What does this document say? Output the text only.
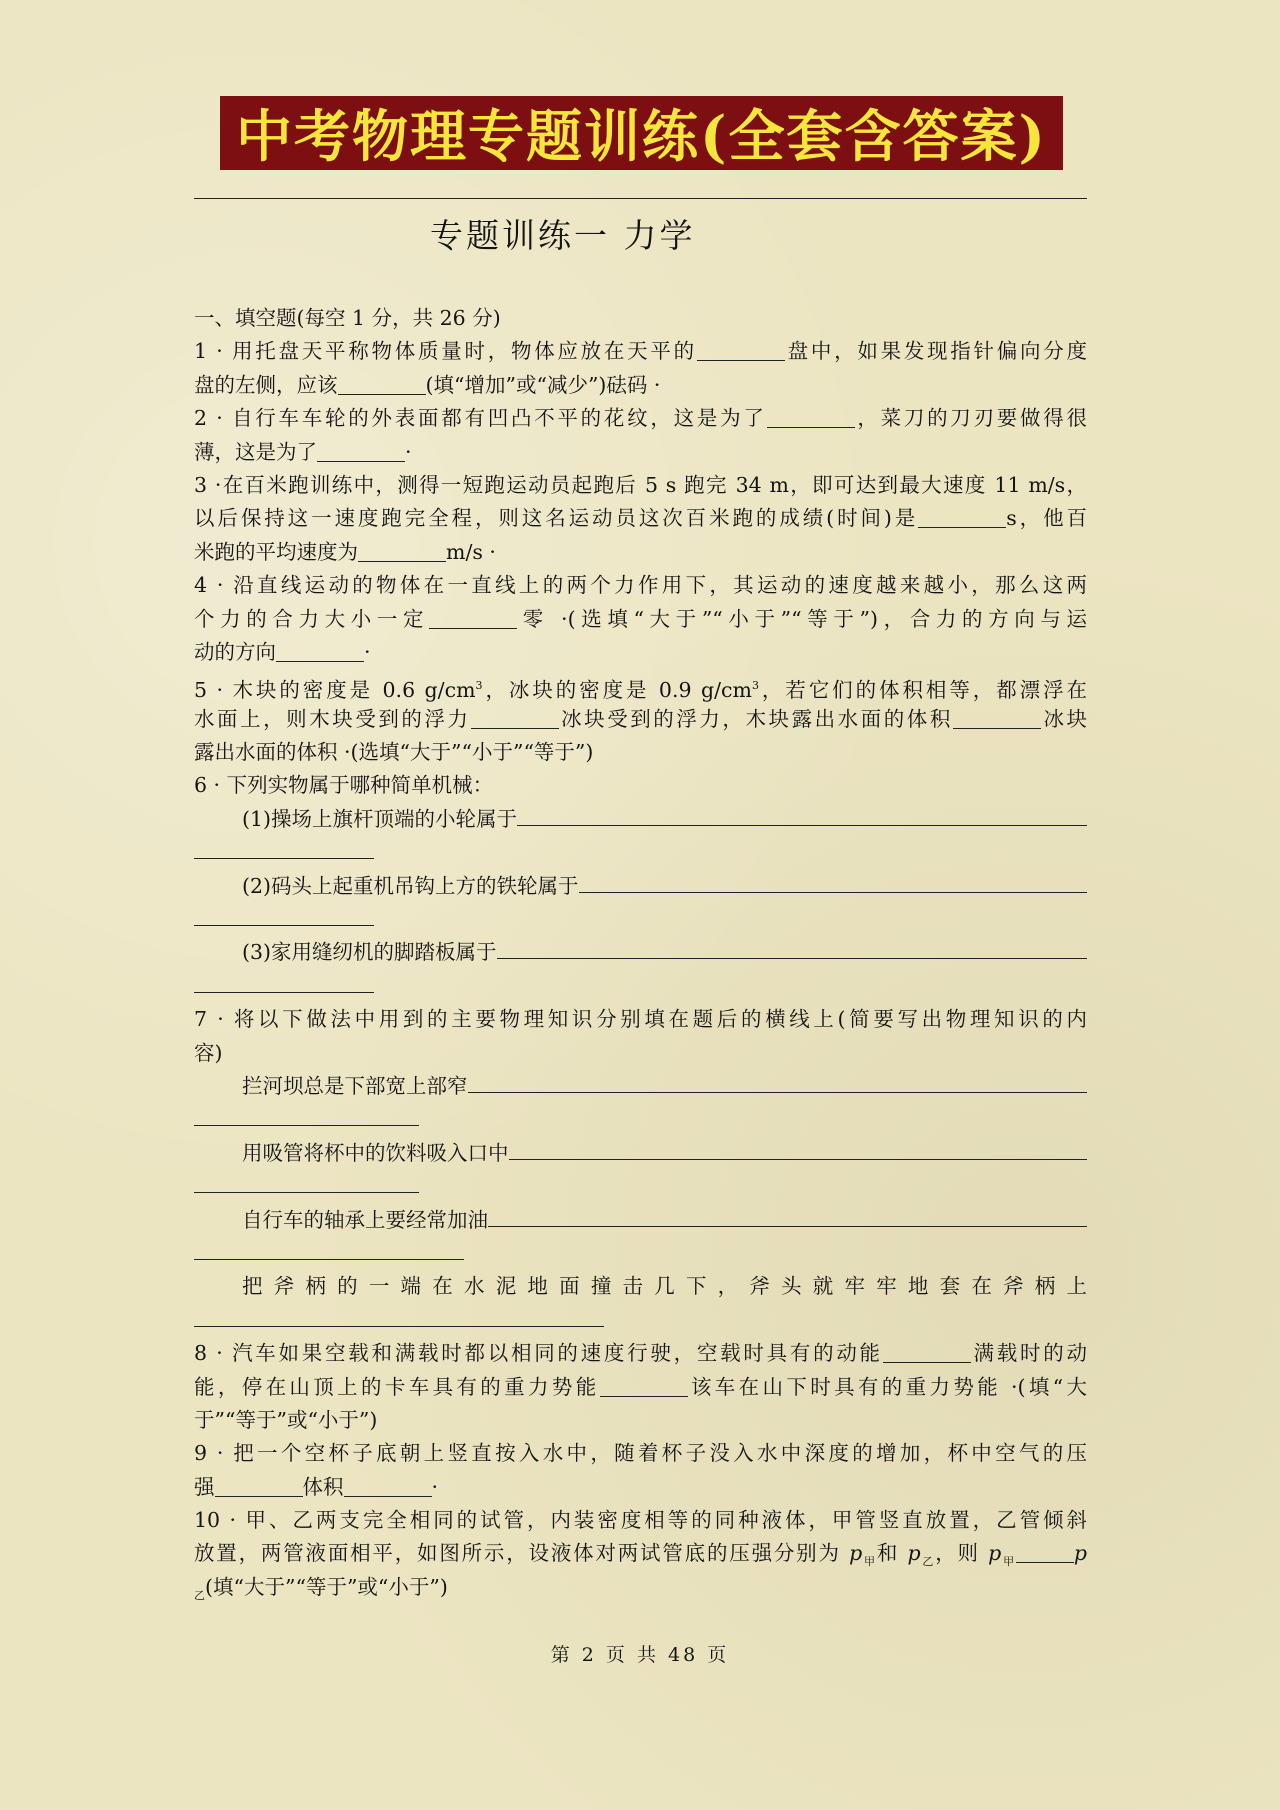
中考物理专题训练(全套含答案)
专题训练一 力学
一、填空题(每空 1 分，共 26 分)
1 · 用托盘天平称物体质量时，物体应放在天平的	盘中，如果发现指针偏向分度
盘的左侧，应该	(填“增加”或“减少”)砝码 ·
2 · 自行车车轮的外表面都有凹凸不平的花纹，这是为了	，菜刀的刀刃要做得很
薄，这是为了	·
3 ·在百米跑训练中，测得一短跑运动员起跑后 5 s 跑完 34 m，即可达到最大速度 11 m/s，
以后保持这一速度跑完全程，则这名运动员这次百米跑的成绩(时间)是	s，他百
米跑的平均速度为	m/s ·
4 · 沿直线运动的物体在一直线上的两个力作用下，其运动的速度越来越小，那么这两
个力的合力大小一定	零 ·(选填“大于”“小于”“等于”)，合力的方向与运
动的方向	·
5 · 木块的密度是 0.6 $g/cm^3$，冰块的密度是 0.9 $g/cm^3$，若它们的体积相等，都漂浮在
水面上，则木块受到的浮力	冰块受到的浮力，木块露出水面的体积	冰块
露出水面的体积 ·(选填“大于”“小于”“等于”)
6 · 下列实物属于哪种简单机械：
(1)操场上旗杆顶端的小轮属于
(2)码头上起重机吊钩上方的铁轮属于
(3)家用缝纫机的脚踏板属于
7 · 将以下做法中用到的主要物理知识分别填在题后的横线上(简要写出物理知识的内
容)
拦河坝总是下部宽上部窄
用吸管将杯中的饮料吸入口中
自行车的轴承上要经常加油
把 斧 柄 的 一 端 在 水 泥 地 面 撞 击 几 下 ， 斧 头 就 牢 牢 地 套 在 斧 柄 上
8 · 汽车如果空载和满载时都以相同的速度行驶，空载时具有的动能	满载时的动
能，停在山顶上的卡车具有的重力势能	该车在山下时具有的重力势能 ·(填“大
于”“等于”或“小于”)
9 · 把一个空杯子底朝上竖直按入水中，随着杯子没入水中深度的增加，杯中空气的压
强	体积	·
10 · 甲、乙两支完全相同的试管，内装密度相等的同种液体，甲管竖直放置，乙管倾斜
放置，两管液面相平，如图所示，设液体对两试管底的压强分别为 $p_甲$和 $p_乙$，则 $p_甲$	p
$_乙$(填“大于”“等于”或“小于”)
第 2 页 共 48 页
